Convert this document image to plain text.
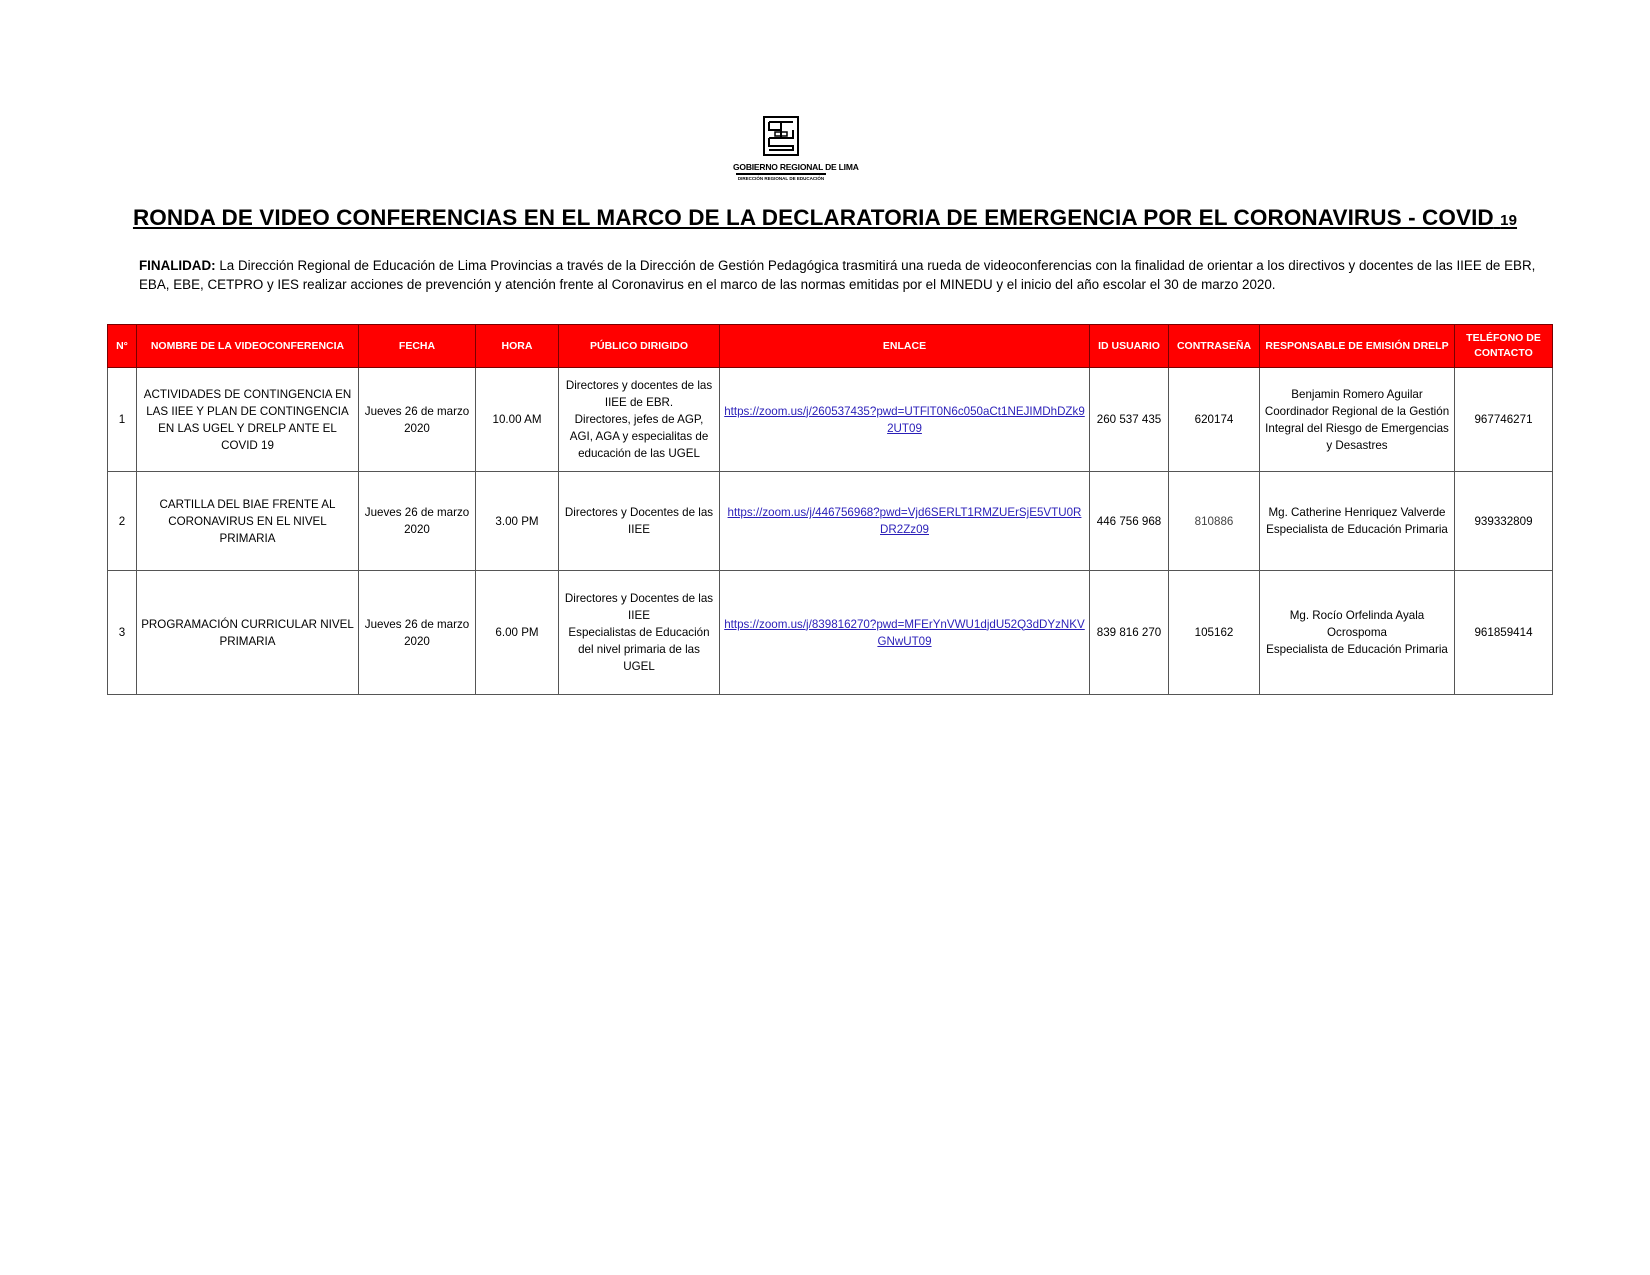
GOBIERNO REGIONAL DE LIMA
DIRECCIÓN REGIONAL DE EDUCACIÓN
RONDA DE VIDEO CONFERENCIAS EN EL MARCO DE LA DECLARATORIA DE EMERGENCIA POR EL CORONAVIRUS - COVID 19
FINALIDAD: La Dirección Regional de Educación de Lima Provincias a través de la Dirección de Gestión Pedagógica trasmitirá una rueda de videoconferencias con la finalidad de orientar a los directivos y docentes de las IIEE de EBR, EBA, EBE, CETPRO y IES realizar acciones de prevención y atención frente al Coronavirus en el marco de las normas emitidas por el MINEDU y el inicio del año escolar el 30 de marzo 2020.
N°	NOMBRE DE LA VIDEOCONFERENCIA	FECHA	HORA	PÚBLICO DIRIGIDO	ENLACE	ID USUARIO	CONTRASEÑA	RESPONSABLE DE EMISIÓN DRELP	TELÉFONO DE CONTACTO
1	ACTIVIDADES DE CONTINGENCIA EN LAS IIEE Y PLAN DE CONTINGENCIA EN LAS UGEL Y DRELP ANTE EL COVID 19	Jueves 26 de marzo 2020	10.00 AM	Directores y docentes de las IIEE de EBR.
Directores, jefes de AGP, AGI, AGA y especialitas de educación de las UGEL	https://zoom.us/j/260537435?pwd=UTFlT0N6c050aCt1NEJIMDhDZk92UT09	260 537 435	620174	Benjamin Romero Aguilar
Coordinador Regional de la Gestión Integral del Riesgo de Emergencias y Desastres	967746271
2	CARTILLA DEL BIAE FRENTE AL CORONAVIRUS EN EL NIVEL PRIMARIA	Jueves 26 de marzo 2020	3.00 PM	Directores y Docentes de las IIEE	https://zoom.us/j/446756968?pwd=Vjd6SERLT1RMZUErSjE5VTU0RDR2Zz09	446 756 968	810886	Mg. Catherine Henriquez Valverde
Especialista de Educación Primaria	939332809
3	PROGRAMACIÓN CURRICULAR NIVEL PRIMARIA	Jueves 26 de marzo 2020	6.00 PM	Directores y Docentes de las IIEE
Especialistas de Educación del nivel primaria de las UGEL	https://zoom.us/j/839816270?pwd=MFErYnVWU1djdU52Q3dDYzNKVGNwUT09	839 816 270	105162	Mg. Rocío Orfelinda Ayala Ocrospoma
Especialista de Educación Primaria	961859414
